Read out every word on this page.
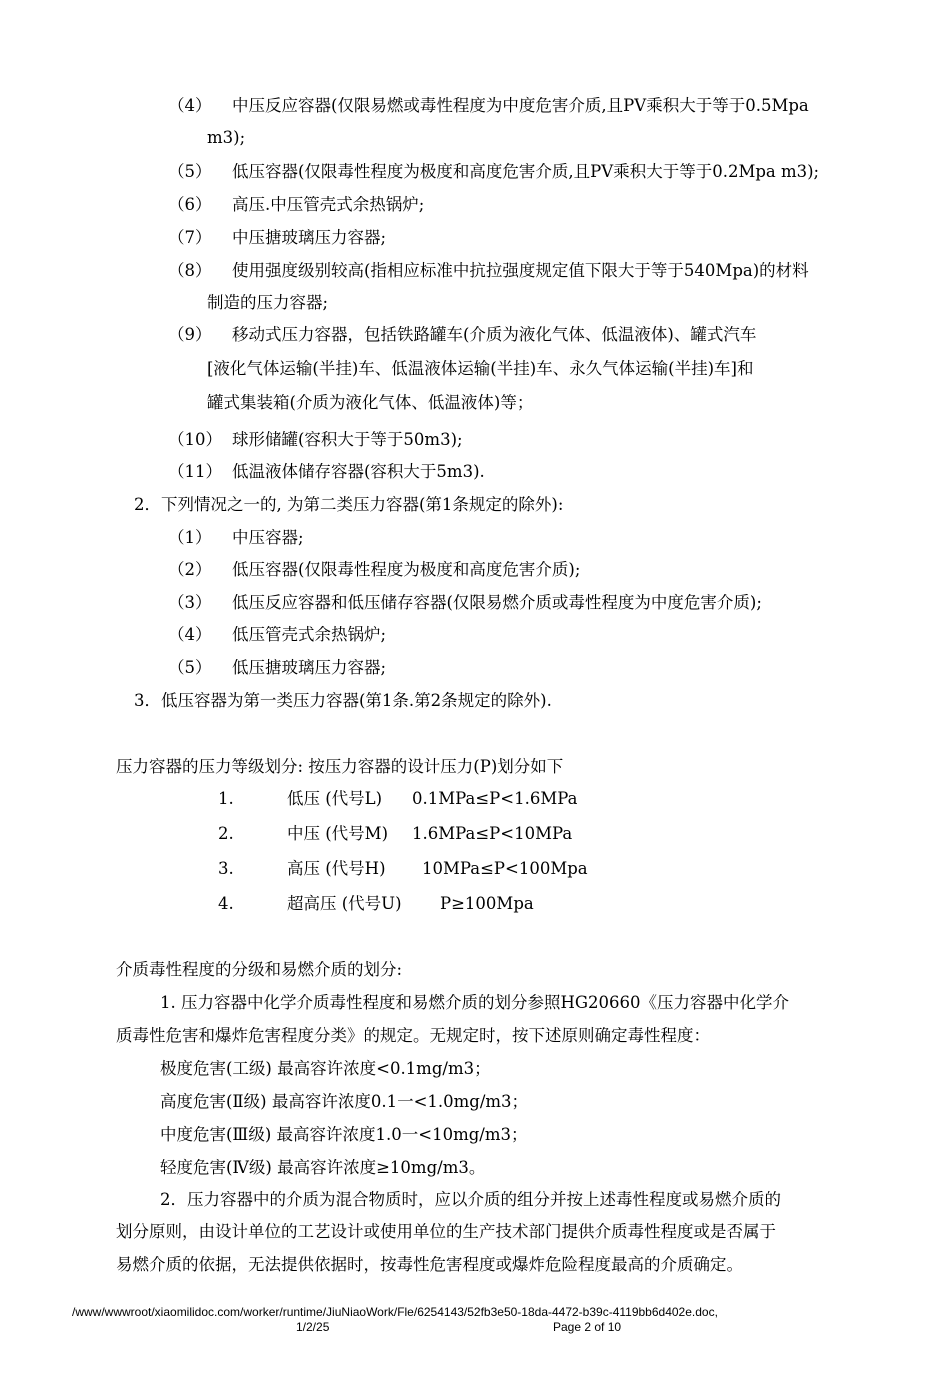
（4） 中压反应容器(仅限易燃或毒性程度为中度危害介质,且PV乘积大于等于0.5Mpa
m3);
（5） 低压容器(仅限毒性程度为极度和高度危害介质,且PV乘积大于等于0.2Mpa m3);
（6） 高压.中压管壳式余热锅炉;
（7） 中压搪玻璃压力容器;
（8） 使用强度级别较高(指相应标准中抗拉强度规定值下限大于等于540Mpa)的材料
制造的压力容器;
（9） 移动式压力容器，包括铁路罐车(介质为液化气体、低温液体)、罐式汽车
[液化气体运输(半挂)车、低温液体运输(半挂)车、永久气体运输(半挂)车]和
罐式集装箱(介质为液化气体、低温液体)等；
（10） 球形储罐(容积大于等于50m3);
（11） 低温液体储存容器(容积大于5m3).
2．下列情况之一的, 为第二类压力容器(第1条规定的除外):
（1） 中压容器;
（2） 低压容器(仅限毒性程度为极度和高度危害介质);
（3） 低压反应容器和低压储存容器(仅限易燃介质或毒性程度为中度危害介质);
（4） 低压管壳式余热锅炉;
（5） 低压搪玻璃压力容器;
3．低压容器为第一类压力容器(第1条.第2条规定的除外).
压力容器的压力等级划分: 按压力容器的设计压力(P)划分如下
1.	低压 (代号L) 0.1MPa≤P<1.6MPa
2.	中压 (代号M) 1.6MPa≤P<10MPa
3.	高压 (代号H) 10MPa≤P<100Mpa
4.	超高压 (代号U) P≥100Mpa
介质毒性程度的分级和易燃介质的划分:
1. 压力容器中化学介质毒性程度和易燃介质的划分参照HG20660《压力容器中化学介
质毒性危害和爆炸危害程度分类》的规定。无规定时，按下述原则确定毒性程度：
极度危害(工级) 最高容许浓度<0.1mg/m3；
高度危害(Ⅱ级) 最高容许浓度0.1一<1.0mg/m3；
中度危害(Ⅲ级) 最高容许浓度1.0一<10mg/m3；
轻度危害(Ⅳ级) 最高容许浓度≥10mg/m3。
2．压力容器中的介质为混合物质时，应以介质的组分并按上述毒性程度或易燃介质的
划分原则，由设计单位的工艺设计或使用单位的生产技术部门提供介质毒性程度或是否属于
易燃介质的依据，无法提供依据时，按毒性危害程度或爆炸危险程度最高的介质确定。
/www/wwwroot/xiaomilidoc.com/worker/runtime/JiuNiaoWork/Fle/6254143/52fb3e50-18da-4472-b39c-4119bb6d402e.doc,
1/2/25	Page 2 of 10
